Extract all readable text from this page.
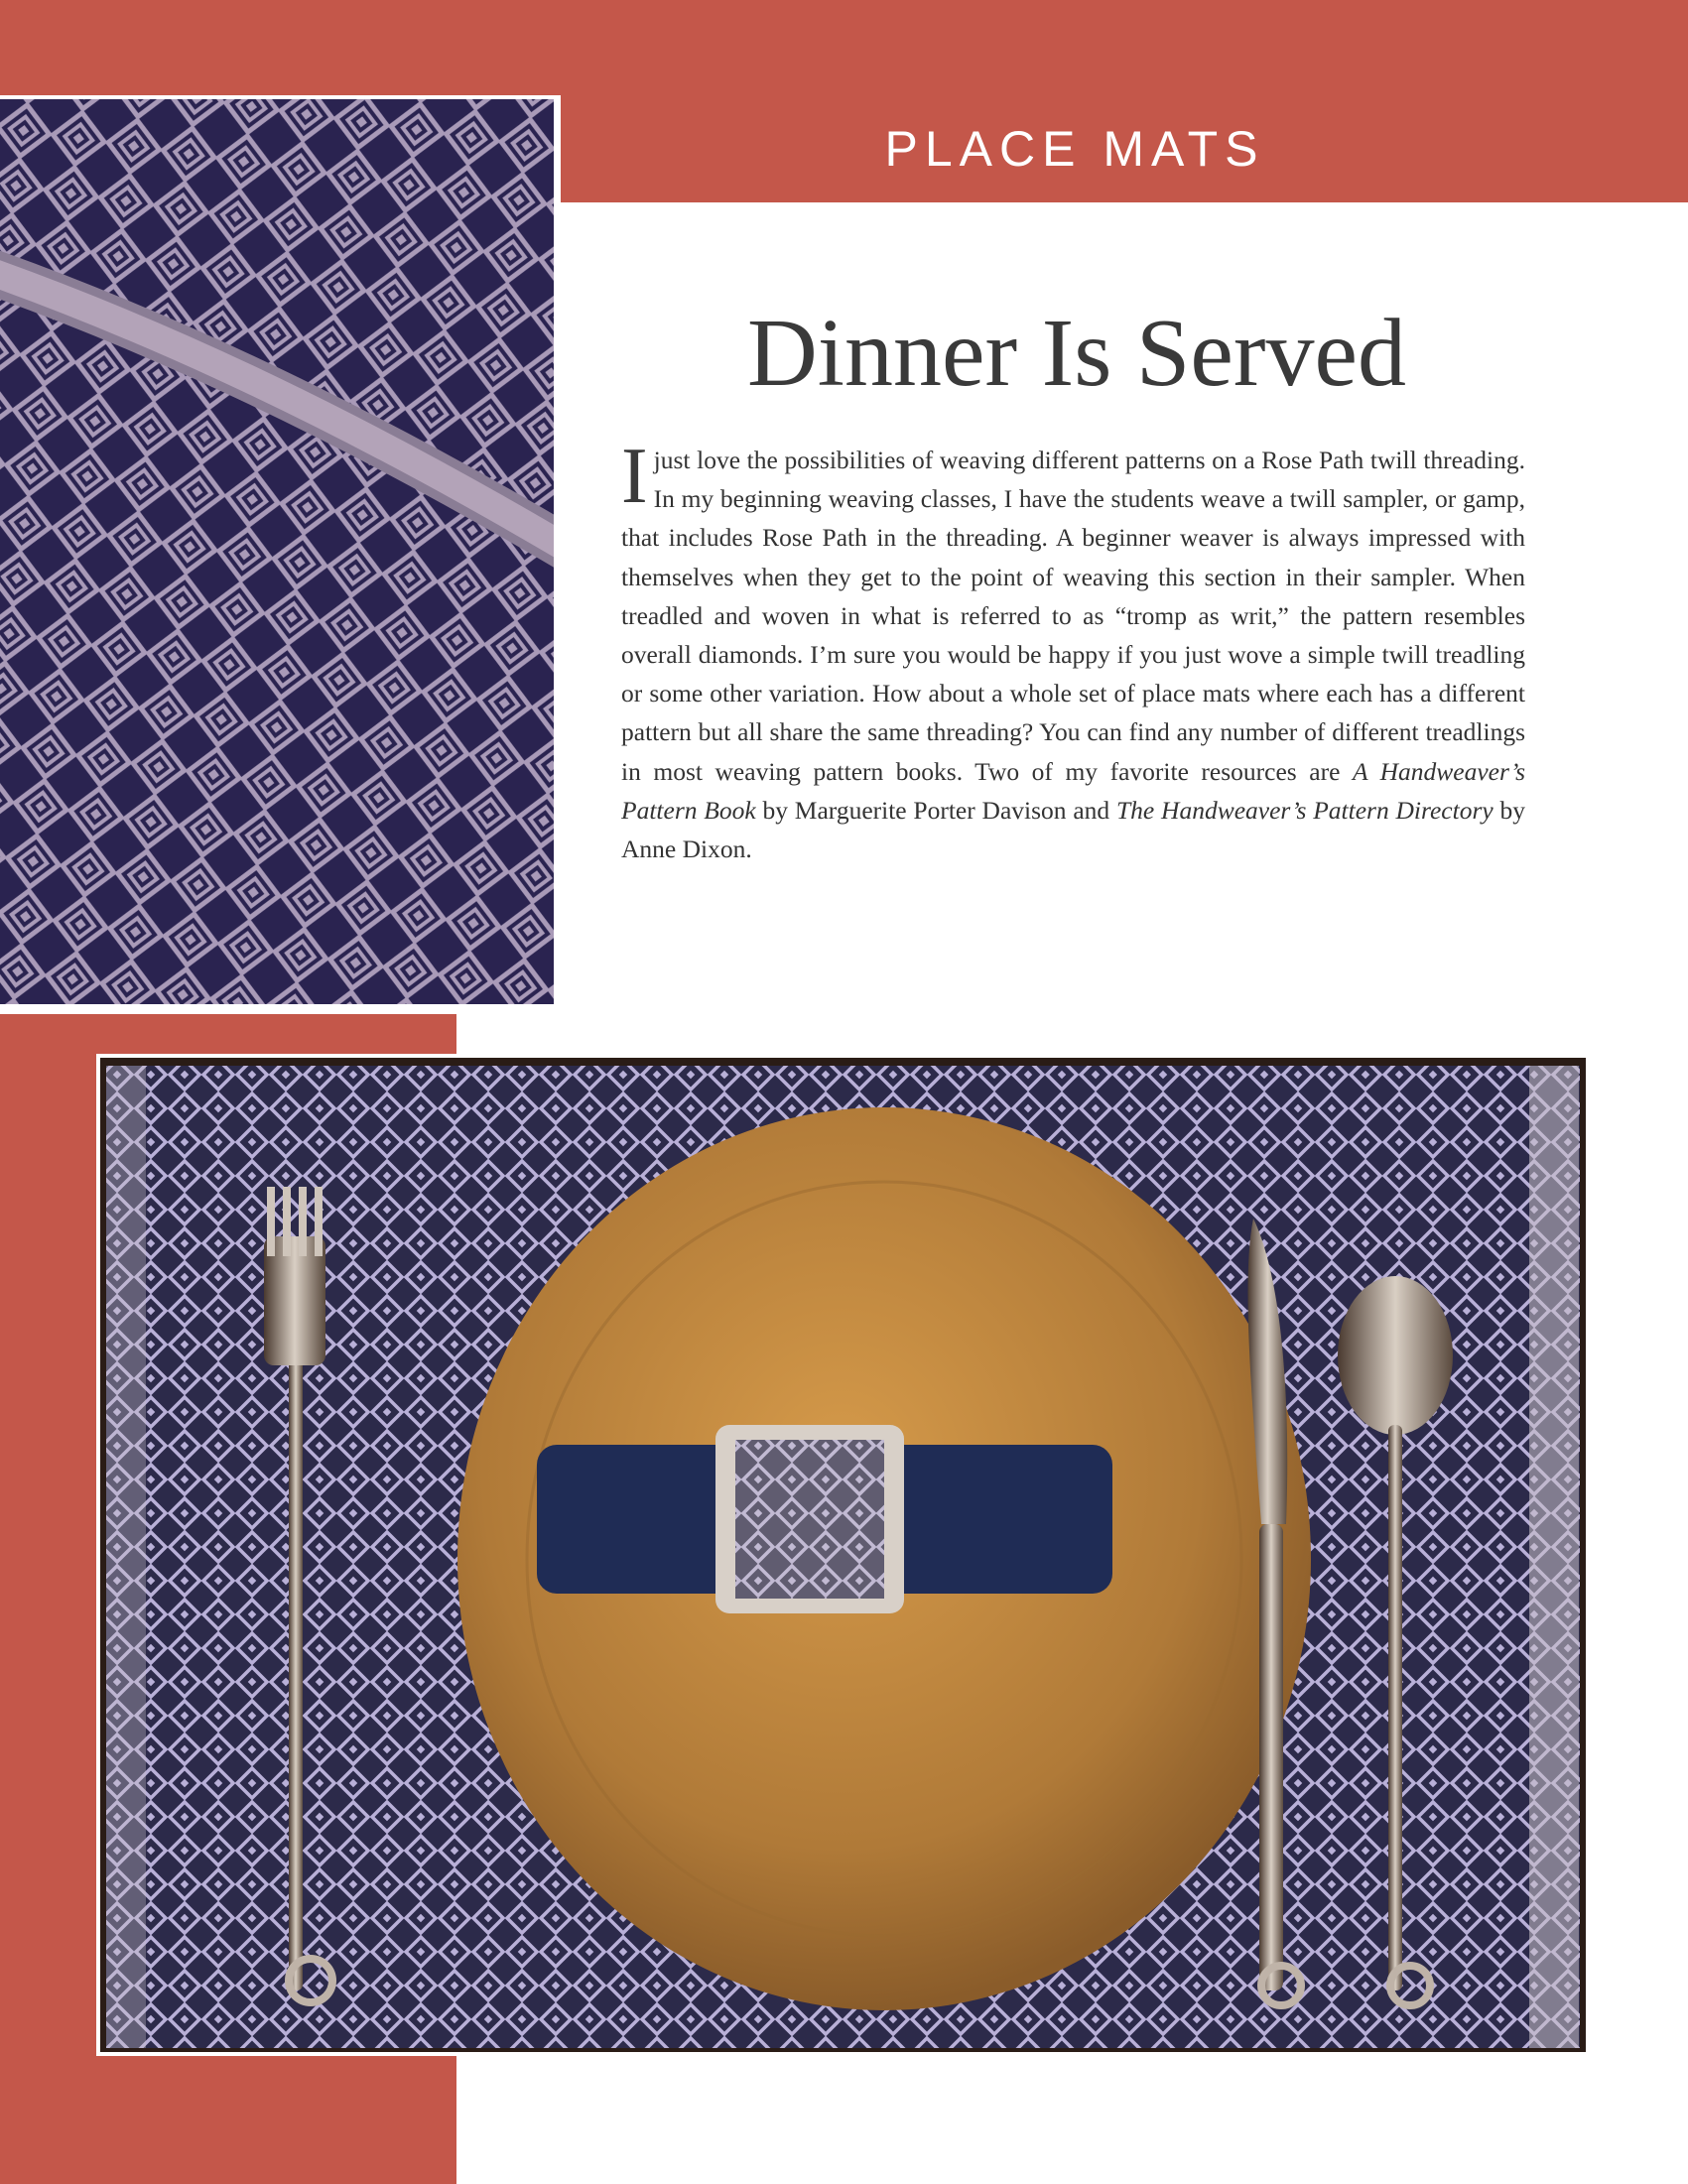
PLACE MATS
Dinner Is Served

I just love the possibilities of weaving different patterns on a Rose Path twill threading. In my beginning weaving classes, I have the students weave a twill sampler, or gamp, that includes Rose Path in the threading. A beginner weaver is always impressed with themselves when they get to the point of weaving this section in their sampler. When treadled and woven in what is referred to as “tromp as writ,” the pattern resembles overall diamonds. I’m sure you would be happy if you just wove a simple twill treadling or some other variation. How about a whole set of place mats where each has a different pattern but all share the same threading? You can find any number of different treadlings in most weaving pattern books. Two of my favorite resources are A Handweaver’s Pattern Book by Marguerite Porter Davison and The Handweaver’s Pattern Directory by Anne Dixon.
